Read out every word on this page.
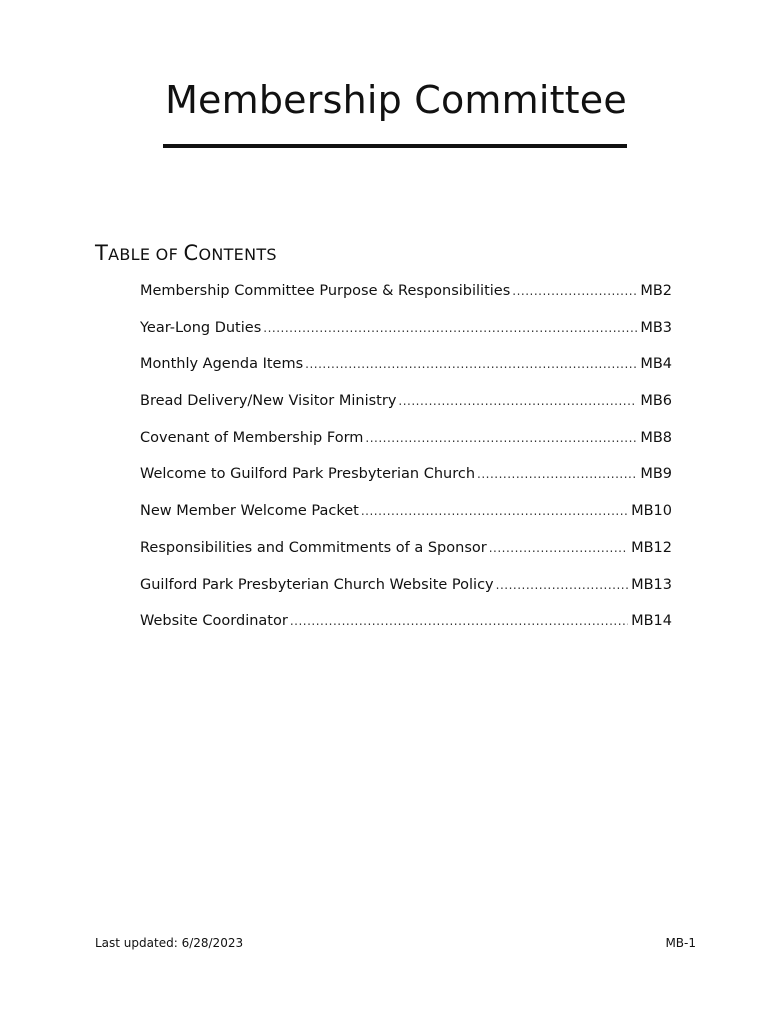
Membership Committee
TABLE OF CONTENTS
Membership Committee Purpose & Responsibilities .....	MB2
Year-Long Duties .....	MB3
Monthly Agenda Items .....	MB4
Bread Delivery/New Visitor Ministry .....	MB6
Covenant of Membership Form .....	MB8
Welcome to Guilford Park Presbyterian Church .....	MB9
New Member Welcome Packet .....	MB10
Responsibilities and Commitments of a Sponsor .....	MB12
Guilford Park Presbyterian Church Website Policy .....	MB13
Website Coordinator .....	MB14
Last updated: 6/28/2023	MB-1
